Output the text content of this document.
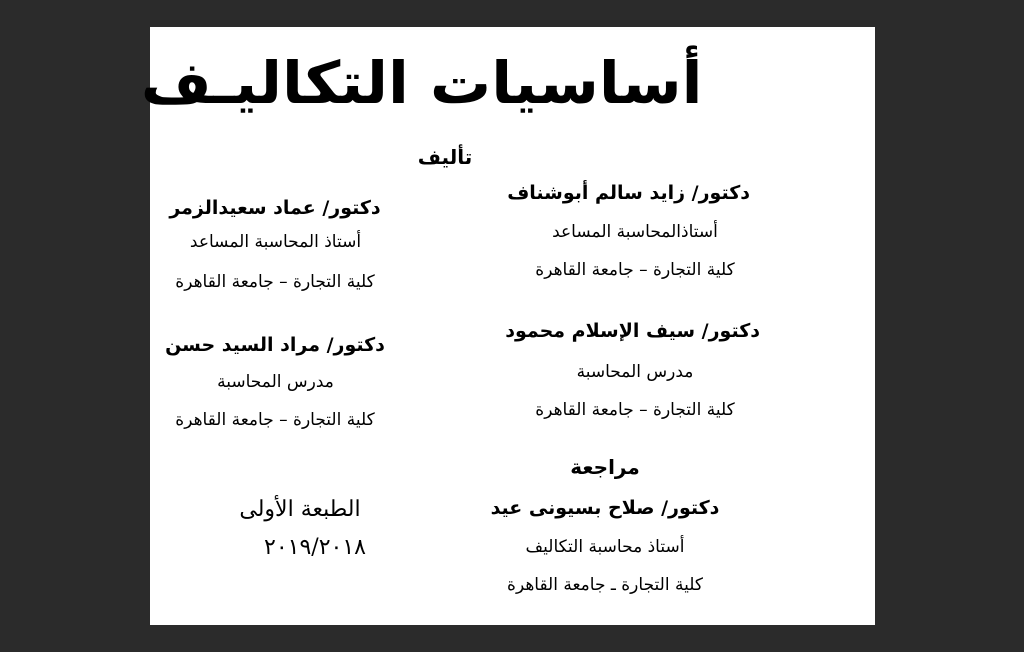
أساسيات التكاليـف
تأليف
دكتور/ زايد سالم أبوشناف
أستاذالمحاسبة المساعد
كلية التجارة – جامعة القاهرة
دكتور/ عماد سعيدالزمر
أستاذ المحاسبة المساعد
كلية التجارة – جامعة القاهرة
دكتور/ سيف الإسلام محمود
مدرس المحاسبة
كلية التجارة – جامعة القاهرة
دكتور/ مراد السيد حسن
مدرس المحاسبة
كلية التجارة – جامعة القاهرة
مراجعة
دكتور/ صلاح بسيونى عيد
أستاذ محاسبة التكاليف
كلية التجارة ـ جامعة القاهرة
الطبعة الأولى
٢٠١٩/٢٠١٨
